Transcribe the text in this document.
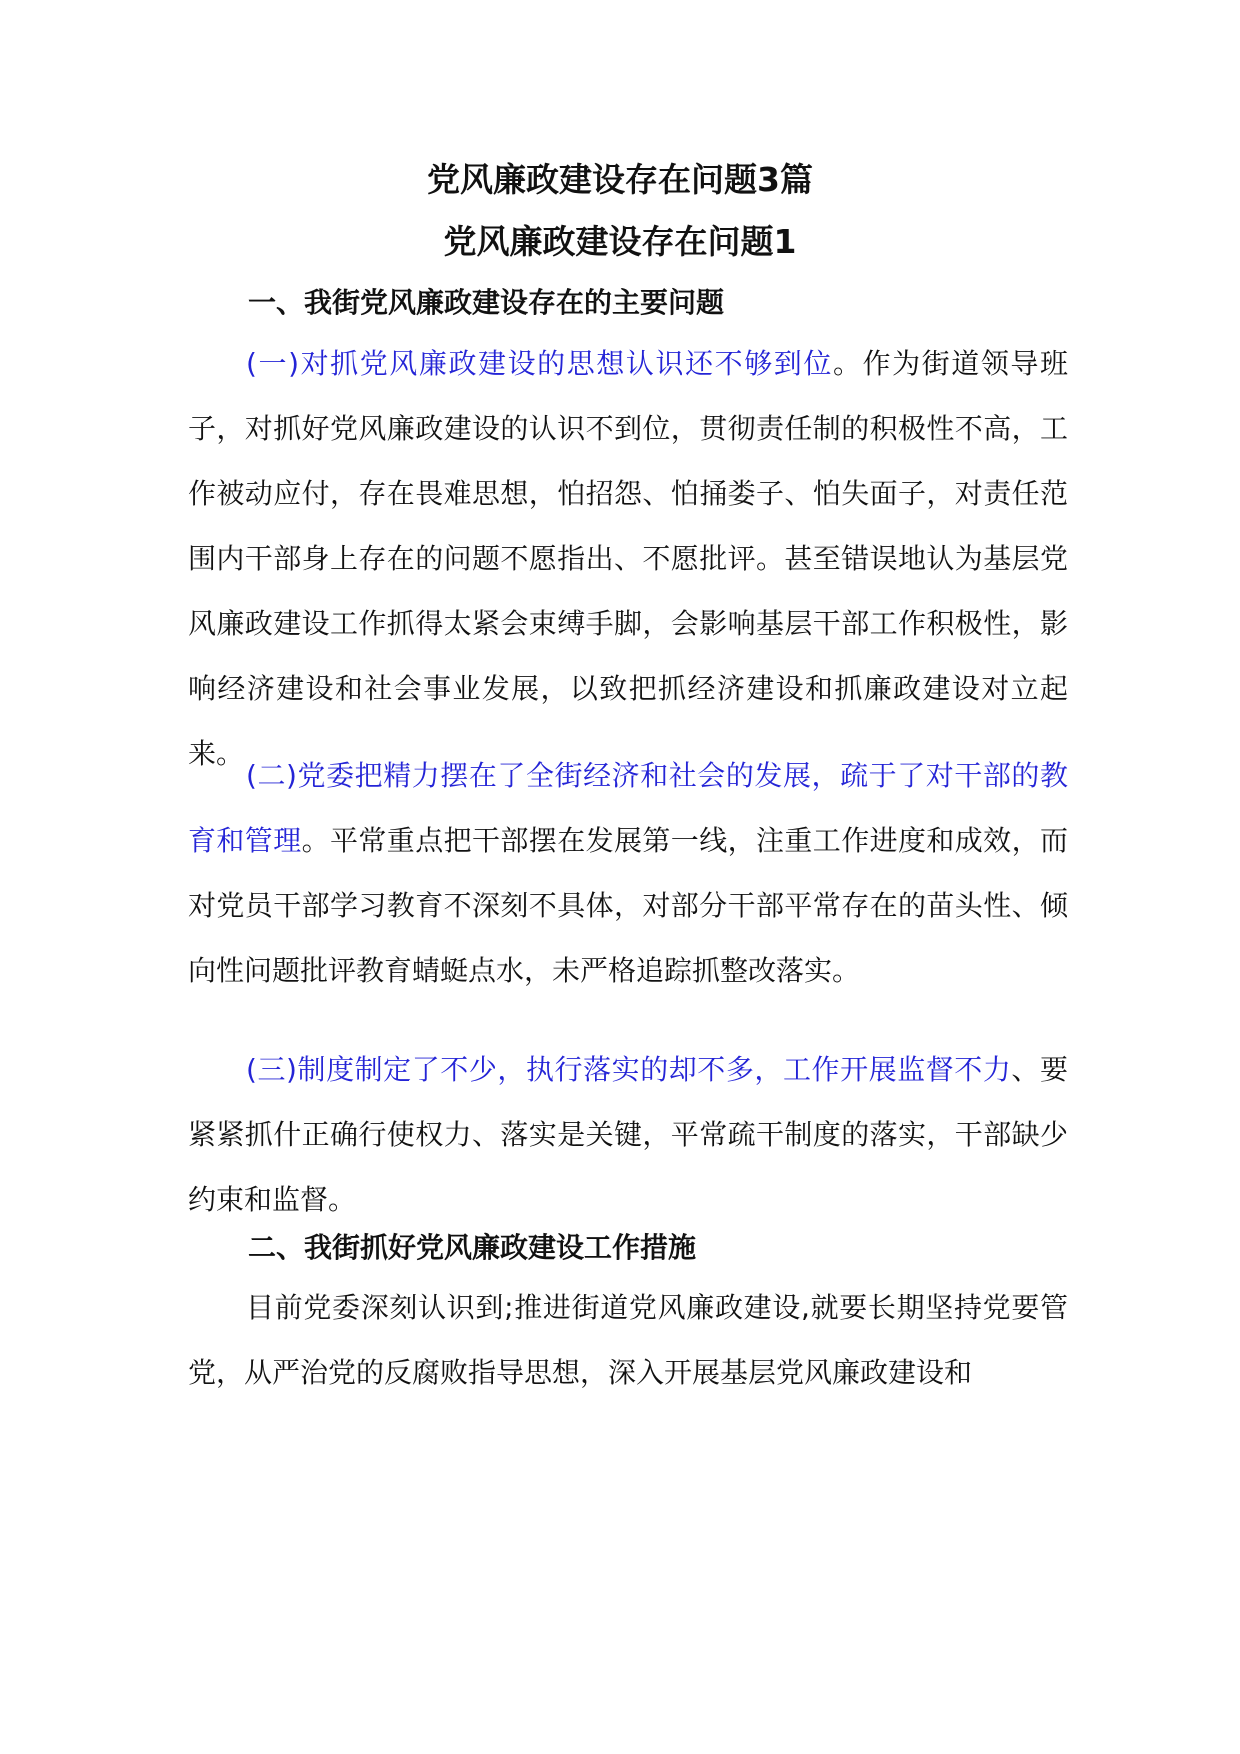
党风廉政建设存在问题3篇
党风廉政建设存在问题1
一、我街党风廉政建设存在的主要问题

(一)对抓党风廉政建设的思想认识还不够到位。作为街道领导班子，对抓好党风廉政建设的认识不到位，贯彻责任制的积极性不高，工作被动应付，存在畏难思想，怕招怨、怕捅娄子、怕失面子，对责任范围内干部身上存在的问题不愿指出、不愿批评。甚至错误地认为基层党风廉政建设工作抓得太紧会束缚手脚，会影响基层干部工作积极性，影响经济建设和社会事业发展，以致把抓经济建设和抓廉政建设对立起来。

(二)党委把精力摆在了全街经济和社会的发展，疏于了对干部的教育和管理。平常重点把干部摆在发展第一线，注重工作进度和成效，而对党员干部学习教育不深刻不具体，对部分干部平常存在的苗头性、倾向性问题批评教育蜻蜓点水，未严格追踪抓整改落实。

(三)制度制定了不少，执行落实的却不多，工作开展监督不力、要紧紧抓什正确行使权力、落实是关键，平常疏干制度的落实，干部缺少约束和监督。

二、我街抓好党风廉政建设工作措施

目前党委深刻认识到;推进街道党风廉政建设,就要长期坚持党要管党，从严治党的反腐败指导思想，深入开展基层党风廉政建设和
